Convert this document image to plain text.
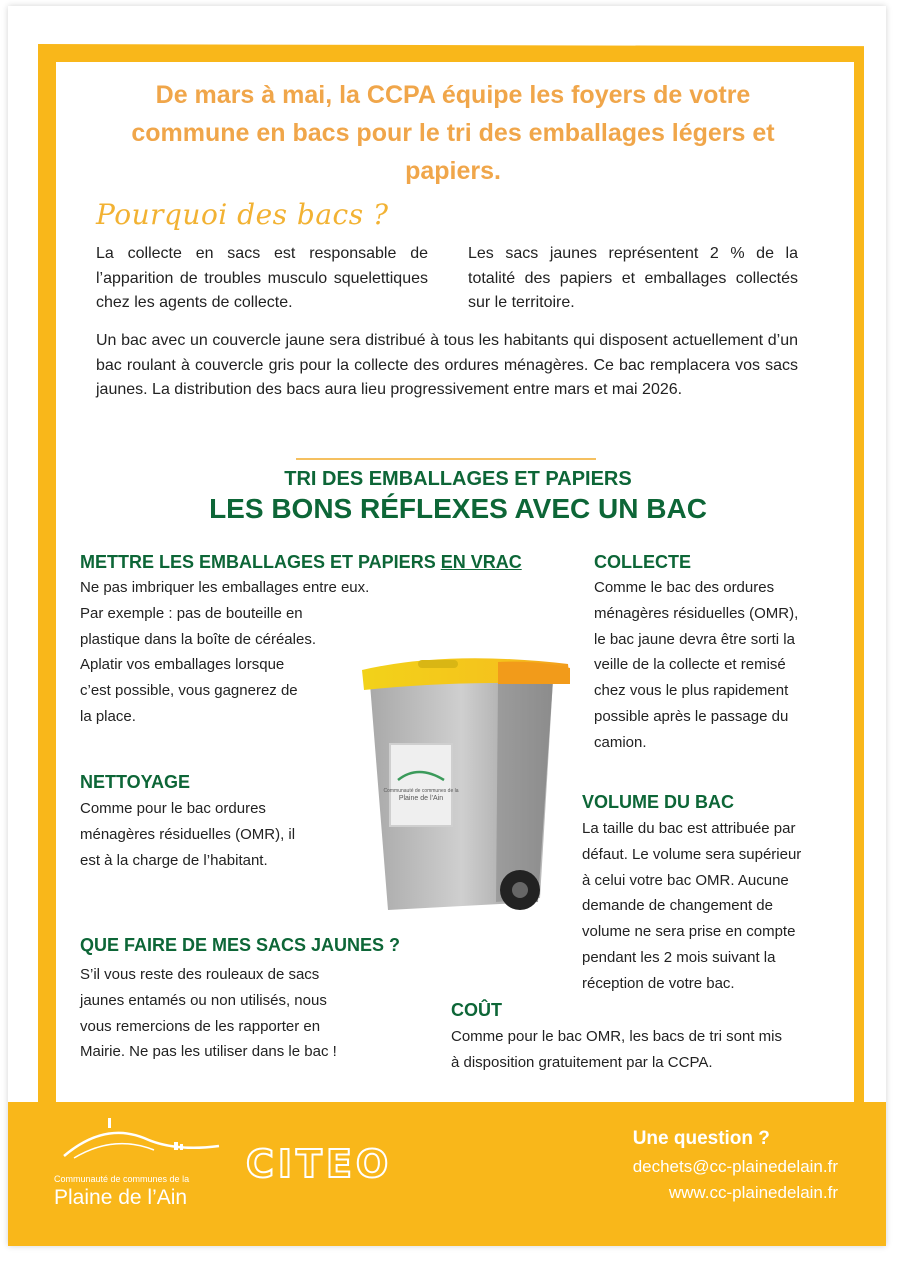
De mars à mai, la CCPA équipe les foyers de votre
commune en bacs pour le tri des emballages légers et
papiers.
Pourquoi des bacs ?
La collecte en sacs est responsable de l’apparition de troubles musculo squelettiques chez les agents de collecte.
Les sacs jaunes représentent 2 % de la totalité des papiers et emballages collectés sur le territoire.
Un bac avec un couvercle jaune sera distribué à tous les habitants qui disposent actuellement d’un bac roulant à couvercle gris pour la collecte des ordures ménagères. Ce bac remplacera vos sacs jaunes. La distribution des bacs aura lieu progressivement entre mars et mai 2026.
TRI DES EMBALLAGES ET PAPIERS
LES BONS RÉFLEXES AVEC UN BAC
METTRE LES EMBALLAGES ET PAPIERS EN VRAC
Ne pas imbriquer les emballages entre eux.
Par exemple : pas de bouteille en
plastique dans la boîte de céréales.
Aplatir vos emballages lorsque
c’est possible, vous gagnerez de
la place.
COLLECTE
Comme le bac des ordures
ménagères résiduelles (OMR),
le bac jaune devra être sorti la
veille de la collecte et remisé
chez vous le plus rapidement
possible après le passage du
camion.
NETTOYAGE
Comme pour le bac ordures
ménagères résiduelles (OMR), il
est à la charge de l’habitant.
VOLUME DU BAC
La taille du bac est attribuée par
défaut. Le volume sera supérieur
à celui votre bac OMR. Aucune
demande de changement de
volume ne sera prise en compte
pendant les 2 mois suivant la
réception de votre bac.
QUE FAIRE DE MES SACS JAUNES ?
S’il vous reste des rouleaux de sacs
jaunes entamés ou non utilisés, nous
vous remercions de les rapporter en
Mairie. Ne pas les utiliser dans le bac !
COÛT
Comme pour le bac OMR, les bacs de tri sont mis
à disposition gratuitement par la CCPA.
Communauté de communes de la
Plaine de l’Ain
Communauté de communes de la
Plaine de l’Ain
CITEO
Une question ?
dechets@cc-plainedelain.fr
www.cc-plainedelain.fr
